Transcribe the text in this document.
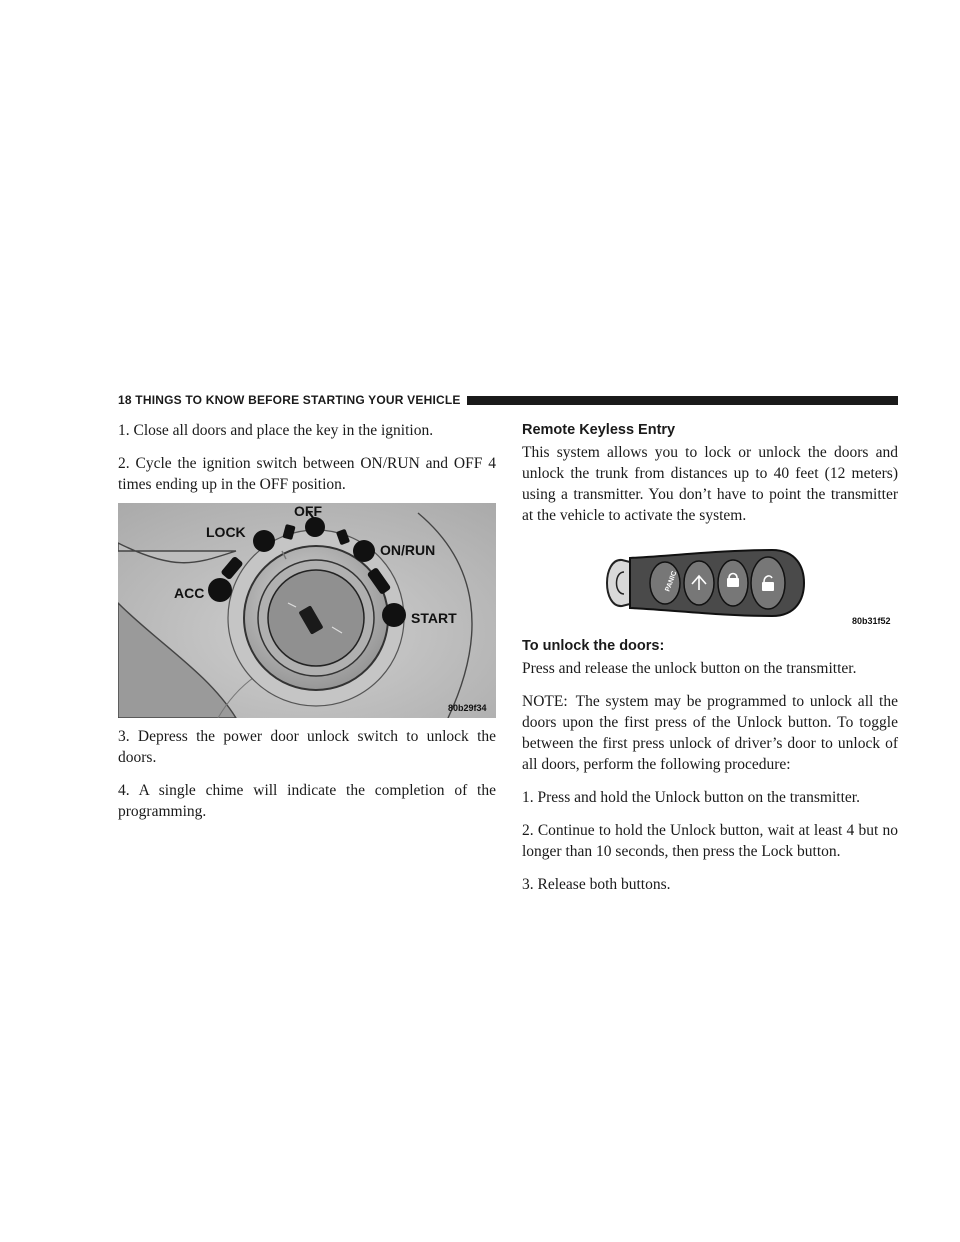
18 THINGS TO KNOW BEFORE STARTING YOUR VEHICLE

1. Close all doors and place the key in the ignition.

2. Cycle the ignition switch between ON/RUN and OFF 4 times ending up in the OFF position.

OFF
LOCK
ON/RUN
ACC
START
80b29f34

3. Depress the power door unlock switch to unlock the doors.

4. A single chime will indicate the completion of the programming.

Remote Keyless Entry

This system allows you to lock or unlock the doors and unlock the trunk from distances up to 40 feet (12 meters) using a transmitter. You don’t have to point the transmitter at the vehicle to activate the system.

PANIC
80b31f52
To unlock the doors:

Press and release the unlock button on the transmitter.

NOTE: The system may be programmed to unlock all the doors upon the first press of the Unlock button. To toggle between the first press unlock of driver’s door to unlock of all doors, perform the following procedure:

1. Press and hold the Unlock button on the transmitter.

2. Continue to hold the Unlock button, wait at least 4 but no longer than 10 seconds, then press the Lock button.

3. Release both buttons.
